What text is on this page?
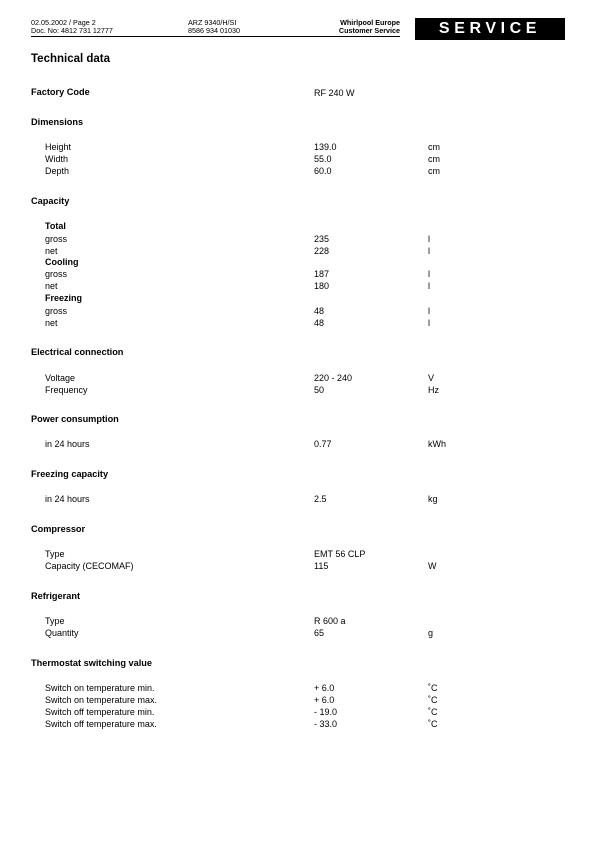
02.05.2002 / Page 2
Doc. No: 4812 731 12777
ARZ 9340/H/SI
8586 934 01030
Whirlpool Europe
Customer Service	SERVICE
Technical data
Factory Code	RF 240 W
Dimensions
Height	139.0	cm
Width	55.0	cm
Depth	60.0	cm
Capacity
Total
gross	235	l
net	228	l
Cooling
gross	187	l
net	180	l
Freezing
gross	48	l
net	48	l
Electrical connection
Voltage	220 - 240	V
Frequency	50	Hz
Power consumption
in 24 hours	0.77	kWh
Freezing capacity
in 24 hours	2.5	kg
Compressor
Type	EMT 56 CLP
Capacity (CECOMAF)	115	W
Refrigerant
Type	R 600 a
Quantity	65	g
Thermostat switching value
Switch on temperature min.	+ 6.0	˚C
Switch on temperature max.	+ 6.0	˚C
Switch off temperature min.	- 19.0	˚C
Switch off temperature max.	- 33.0	˚C
